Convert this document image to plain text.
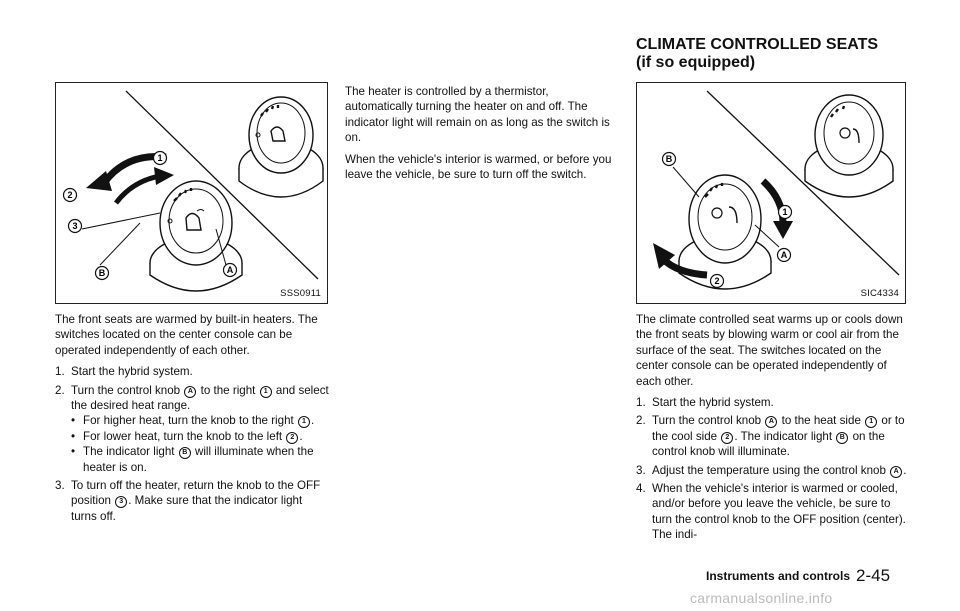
CLIMATE CONTROLLED SEATS
(if so equipped)
1
2
3
A
B
SSS0911

The front seats are warmed by built-in heaters. The switches located on the center console can be operated independently of each other.

1. Start the hybrid system.
2. Turn the control knob A to the right 1 and select the desired heat range.
• For higher heat, turn the knob to the right 1 .
• For lower heat, turn the knob to the left 2 .
• The indicator light B will illuminate when the heater is on.
3. To turn off the heater, return the knob to the OFF position 3 . Make sure that the indicator light turns off.

The heater is controlled by a thermistor, automatically turning the heater on and off. The indicator light will remain on as long as the switch is on.

When the vehicle's interior is warmed, or before you leave the vehicle, be sure to turn off the switch.

B
1
A
2
SIC4334

The climate controlled seat warms up or cools down the front seats by blowing warm or cool air from the surface of the seat. The switches located on the center console can be operated independently of each other.

1. Start the hybrid system.
2. Turn the control knob A to the heat side 1 or to the cool side 2 . The indicator light B on the control knob will illuminate.
3. Adjust the temperature using the control knob A .
4. When the vehicle's interior is warmed or cooled, and/or before you leave the vehicle, be sure to turn the control knob to the OFF position (center). The indi-
Instruments and controls 2-45
carmanualsonline.info
